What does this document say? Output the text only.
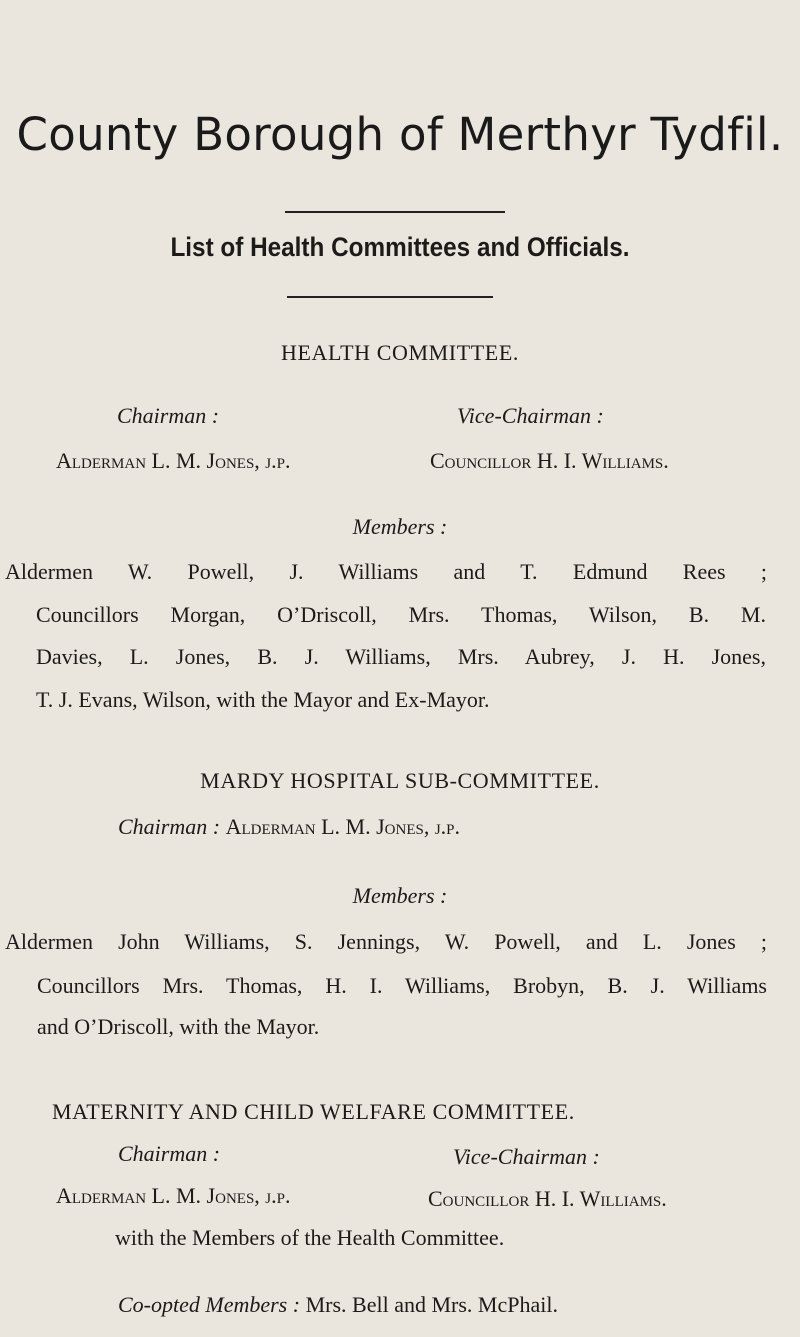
County Borough of Merthyr Tydfil.
List of Health Committees and Officials.
HEALTH COMMITTEE.
Chairman :	Vice-Chairman :
Alderman L. M. Jones, j.p.	Councillor H. I. Williams.
Members :
Aldermen W. Powell, J. Williams and T. Edmund Rees ;
Councillors Morgan, O’Driscoll, Mrs. Thomas, Wilson, B. M.
Davies, L. Jones, B. J. Williams, Mrs. Aubrey, J. H. Jones,
T. J. Evans, Wilson, with the Mayor and Ex-Mayor.
MARDY HOSPITAL SUB-COMMITTEE.
Chairman : Alderman L. M. Jones, j.p.
Members :
Aldermen John Williams, S. Jennings, W. Powell, and L. Jones ;
Councillors Mrs. Thomas, H. I. Williams, Brobyn, B. J. Williams
and O’Driscoll, with the Mayor.
MATERNITY AND CHILD WELFARE COMMITTEE.
Chairman :	Vice-Chairman :
Alderman L. M. Jones, j.p.	Councillor H. I. Williams.
with the Members of the Health Committee.
Co-opted Members : Mrs. Bell and Mrs. McPhail.
